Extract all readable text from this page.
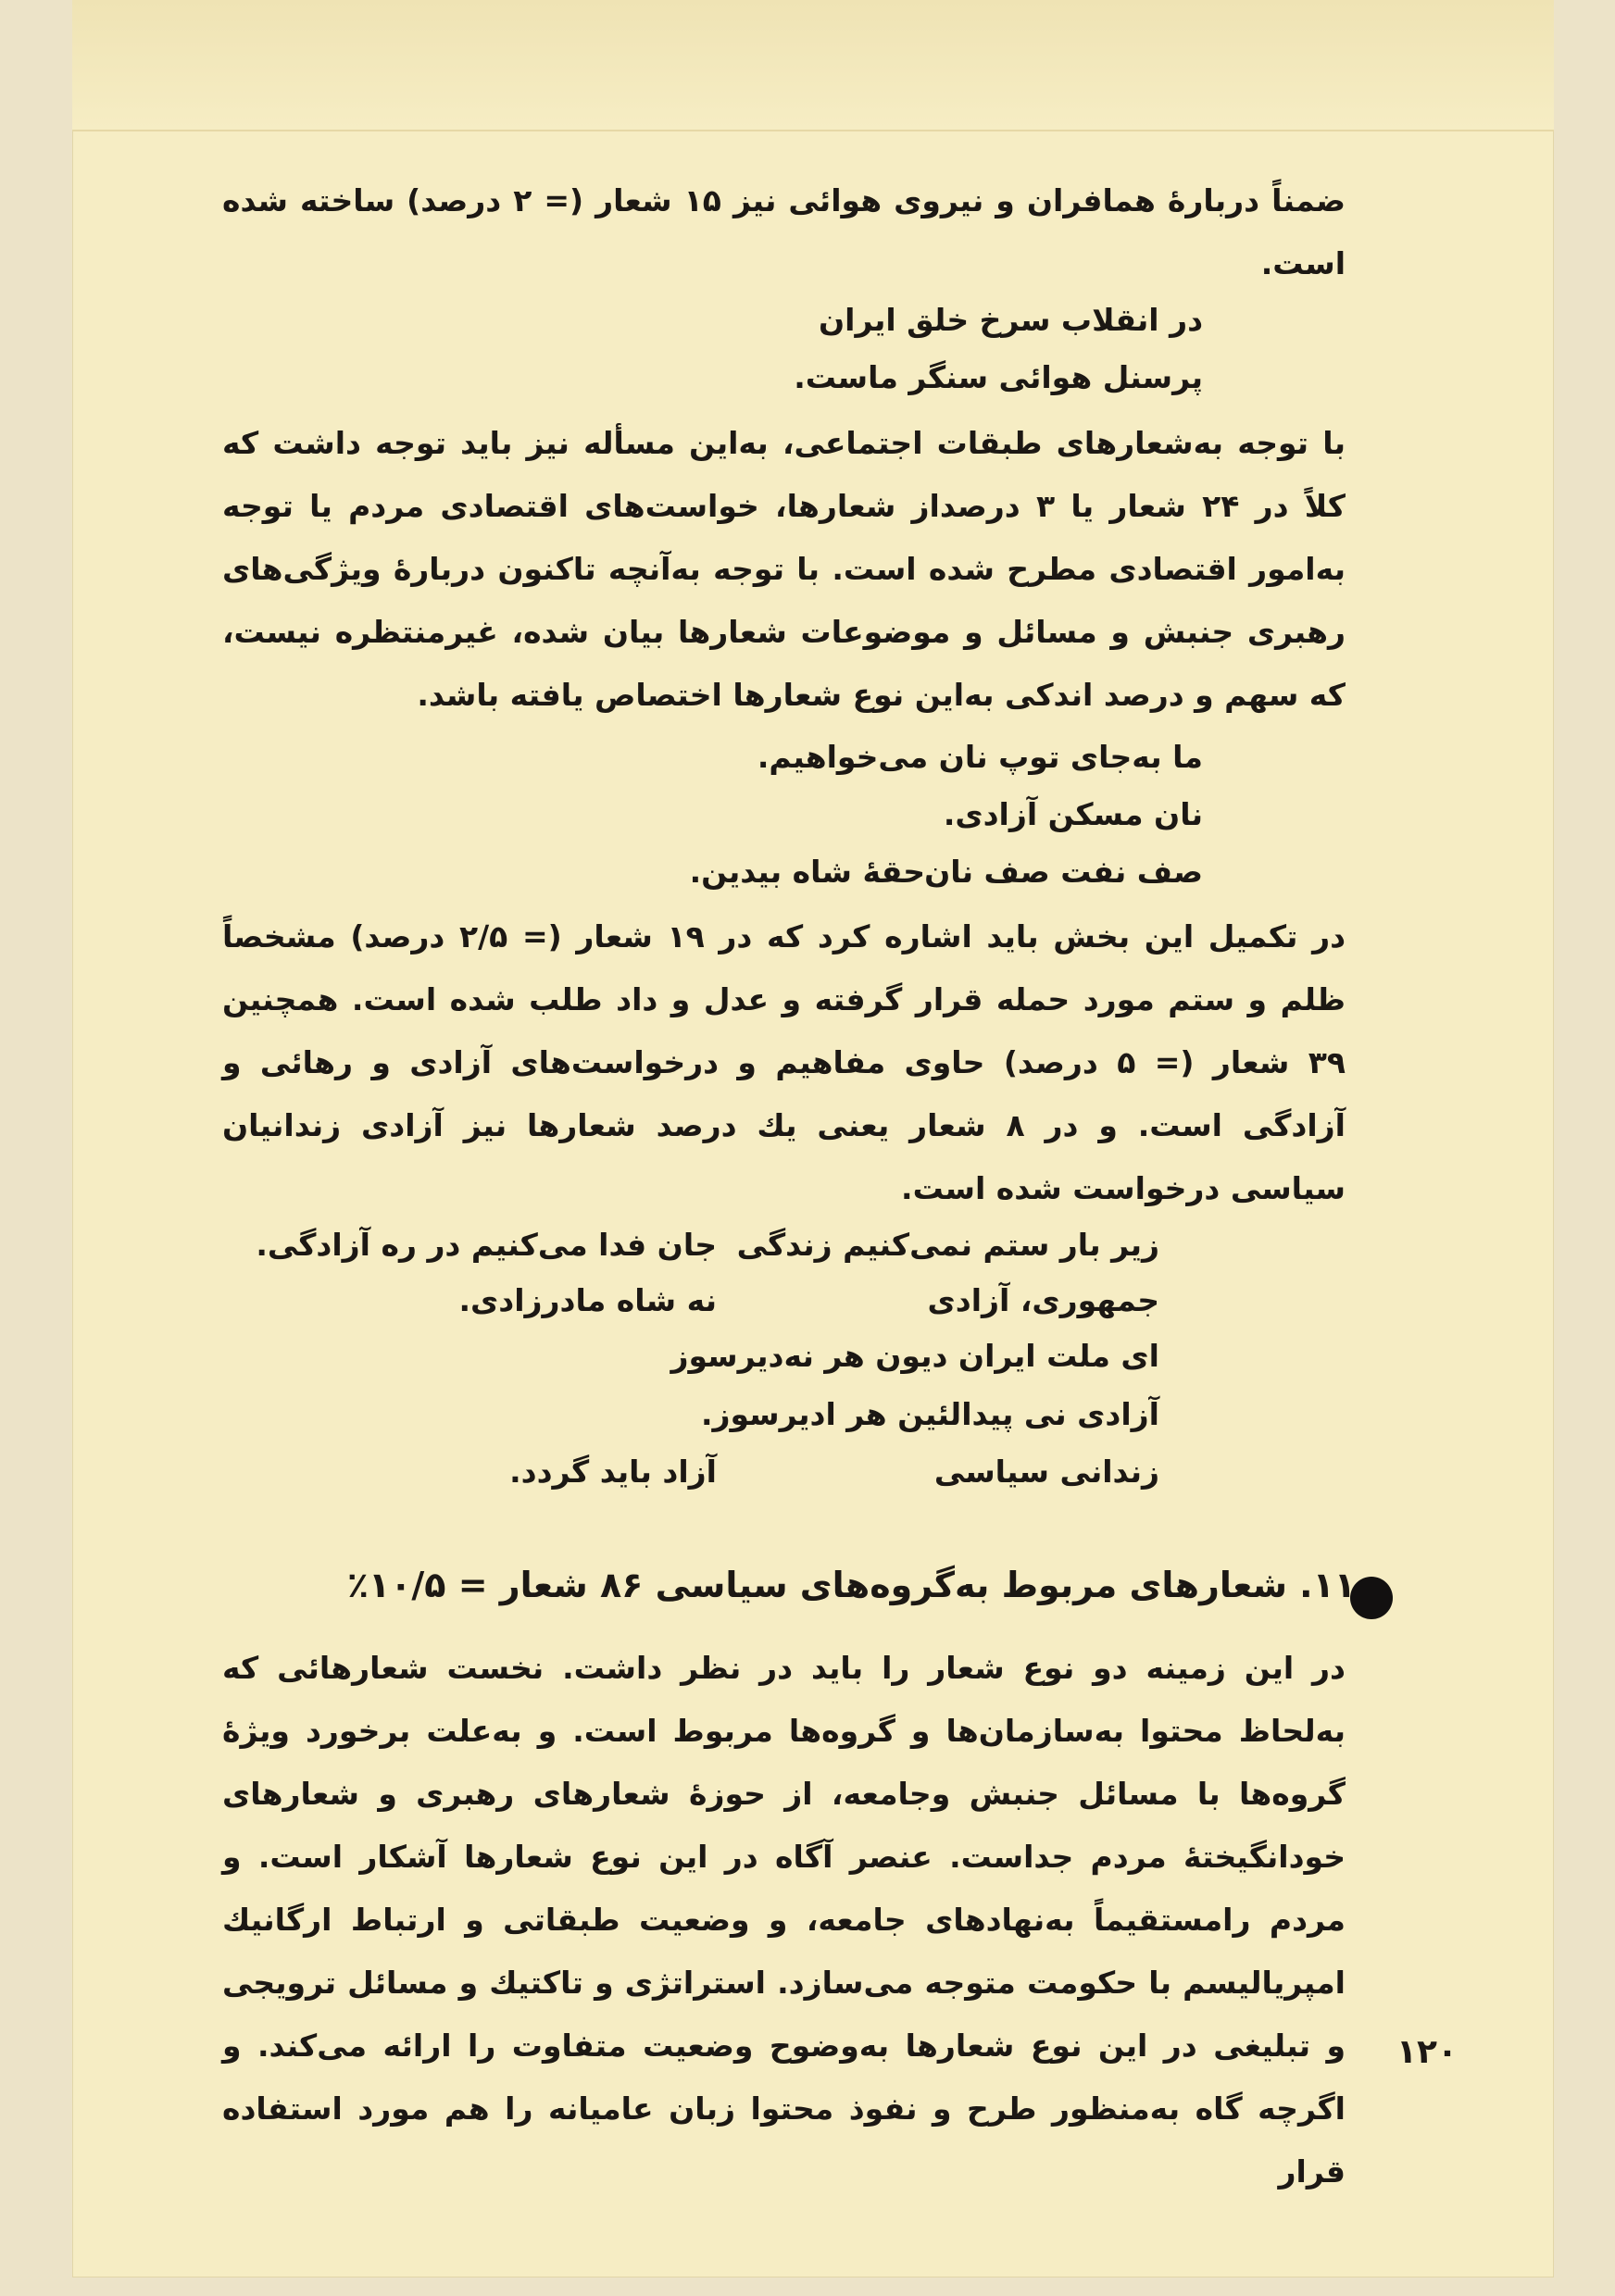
ضمناً دربارهٔ همافران و نیروی هوائی نیز ۱۵ شعار (= ۲ درصد) ساخته شده است.
در انقلاب سرخ خلق ایران
پرسنل هوائی سنگر ماست.
با توجه به‌شعارهای طبقات اجتماعی، به‌این مسأله نیز باید توجه داشت که کلاً در ۲۴ شعار یا ۳ درصداز شعارها، خواست‌های اقتصادی مردم یا توجه به‌امور اقتصادی مطرح شده است. با توجه به‌آنچه تاکنون دربارهٔ ویژگی‌های رهبری جنبش و مسائل و موضوعات شعارها بیان شده، غیرمنتظره نیست، که سهم و درصد اندکی به‌این نوع شعارها اختصاص یافته باشد.
ما به‌جای توپ نان می‌خواهیم.
نان مسکن آزادی.
صف نفت صف نان
حقهٔ شاه بیدین.
در تکمیل این بخش باید اشاره کرد که در ۱۹ شعار (= ۲/۵ درصد) مشخصاً ظلم و ستم مورد حمله قرار گرفته و عدل و داد طلب شده است. همچنین ۳۹ شعار (= ۵ درصد) حاوی مفاهیم و درخواست‌های آزادی و رهائی و آزادگی است. و در ۸ شعار یعنی یك درصد شعارها نیز آزادی زندانیان سیاسی درخواست شده است.
زیر بار ستم نمی‌کنیم زندگی
جان فدا می‌کنیم در ره آزادگی.
جمهوری، آزادی
نه شاه مادرزادی.
ای ملت ایران دیون هر نه‌دیرسوز
آزادی نی پیدالئین هر ادیرسوز.
زندانی سیاسی
آزاد باید گردد.
۱۱. شعارهای مربوط به‌گروه‌های سیاسی ۸۶ شعار = ۱۰/۵٪
در این زمینه دو نوع شعار را باید در نظر داشت. نخست شعارهائی که به‌لحاظ محتوا به‌سازمان‌ها و گروه‌ها مربوط است. و به‌علت برخورد ویژهٔ گروه‌ها با مسائل جنبش وجامعه، از حوزهٔ شعارهای رهبری و شعارهای خودانگیختهٔ مردم جداست. عنصر آگاه در این نوع شعارها آشکار است. و مردم رامستقیماً به‌نهادهای جامعه، و وضعیت طبقاتی و ارتباط ارگانیك امپریالیسم با حکومت متوجه می‌سازد. استراتژی و تاکتیك و مسائل ترویجی و تبلیغی در این نوع شعارها به‌وضوح وضعیت متفاوت را ارائه می‌کند. و اگرچه گاه به‌منظور طرح و نفوذ محتوا زبان عامیانه را هم مورد استفاده قرار
۱۲۰
